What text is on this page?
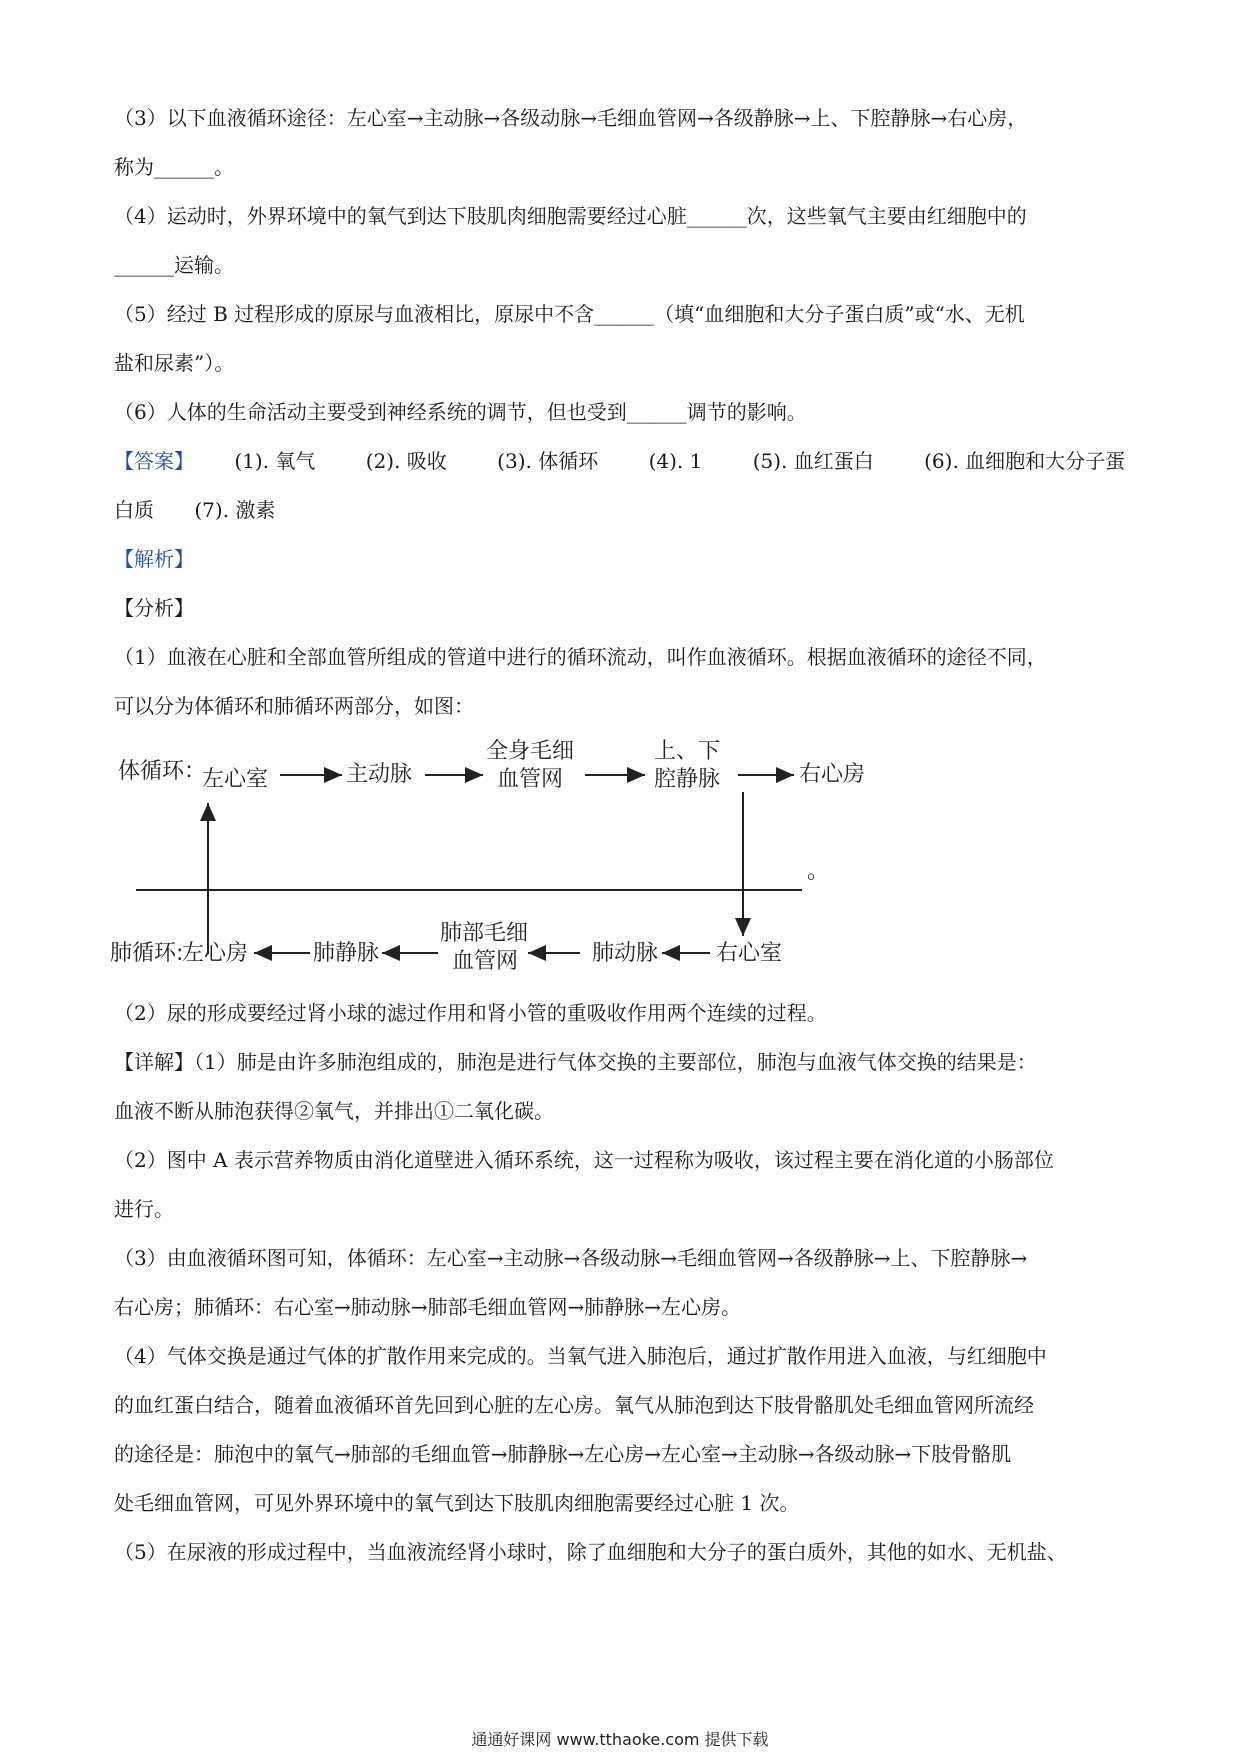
（3）以下血液循环途径：左心室→主动脉→各级动脉→毛细血管网→各级静脉→上、下腔静脉→右心房，
称为______。
（4）运动时，外界环境中的氧气到达下肢肌肉细胞需要经过心脏______次，这些氧气主要由红细胞中的
______运输。
（5）经过 B 过程形成的原尿与血液相比，原尿中不含______（填“血细胞和大分子蛋白质”或“水、无机
盐和尿素”）。
（6）人体的生命活动主要受到神经系统的调节，但也受到______调节的影响。
【答案】 (1). 氧气	(2). 吸收	(3). 体循环	(4). 1	(5). 血红蛋白	(6). 血细胞和大分子蛋
白质 (7). 激素
【解析】
【分析】
（1）血液在心脏和全部血管所组成的管道中进行的循环流动，叫作血液循环。根据血液循环的途径不同，
可以分为体循环和肺循环两部分，如图：
体循环：
左心室	主动脉
全身毛细
血管网
上、下
腔静脉	右心房
。
肺循环:
左心房	肺静脉
肺部毛细
血管网	肺动脉	右心室
（2）尿的形成要经过肾小球的滤过作用和肾小管的重吸收作用两个连续的过程。
【详解】（1）肺是由许多肺泡组成的，肺泡是进行气体交换的主要部位，肺泡与血液气体交换的结果是：
血液不断从肺泡获得②氧气，并排出①二氧化碳。
（2）图中 A 表示营养物质由消化道壁进入循环系统，这一过程称为吸收，该过程主要在消化道的小肠部位
进行。
（3）由血液循环图可知，体循环：左心室→主动脉→各级动脉→毛细血管网→各级静脉→上、下腔静脉→
右心房；肺循环：右心室→肺动脉→肺部毛细血管网→肺静脉→左心房。
（4）气体交换是通过气体的扩散作用来完成的。当氧气进入肺泡后，通过扩散作用进入血液，与红细胞中
的血红蛋白结合，随着血液循环首先回到心脏的左心房。氧气从肺泡到达下肢骨骼肌处毛细血管网所流经
的途径是：肺泡中的氧气→肺部的毛细血管→肺静脉→左心房→左心室→主动脉→各级动脉→下肢骨骼肌
处毛细血管网，可见外界环境中的氧气到达下肢肌肉细胞需要经过心脏 1 次。
（5）在尿液的形成过程中，当血液流经肾小球时，除了血细胞和大分子的蛋白质外，其他的如水、无机盐、
通通好课网 www.tthaoke.com 提供下载
